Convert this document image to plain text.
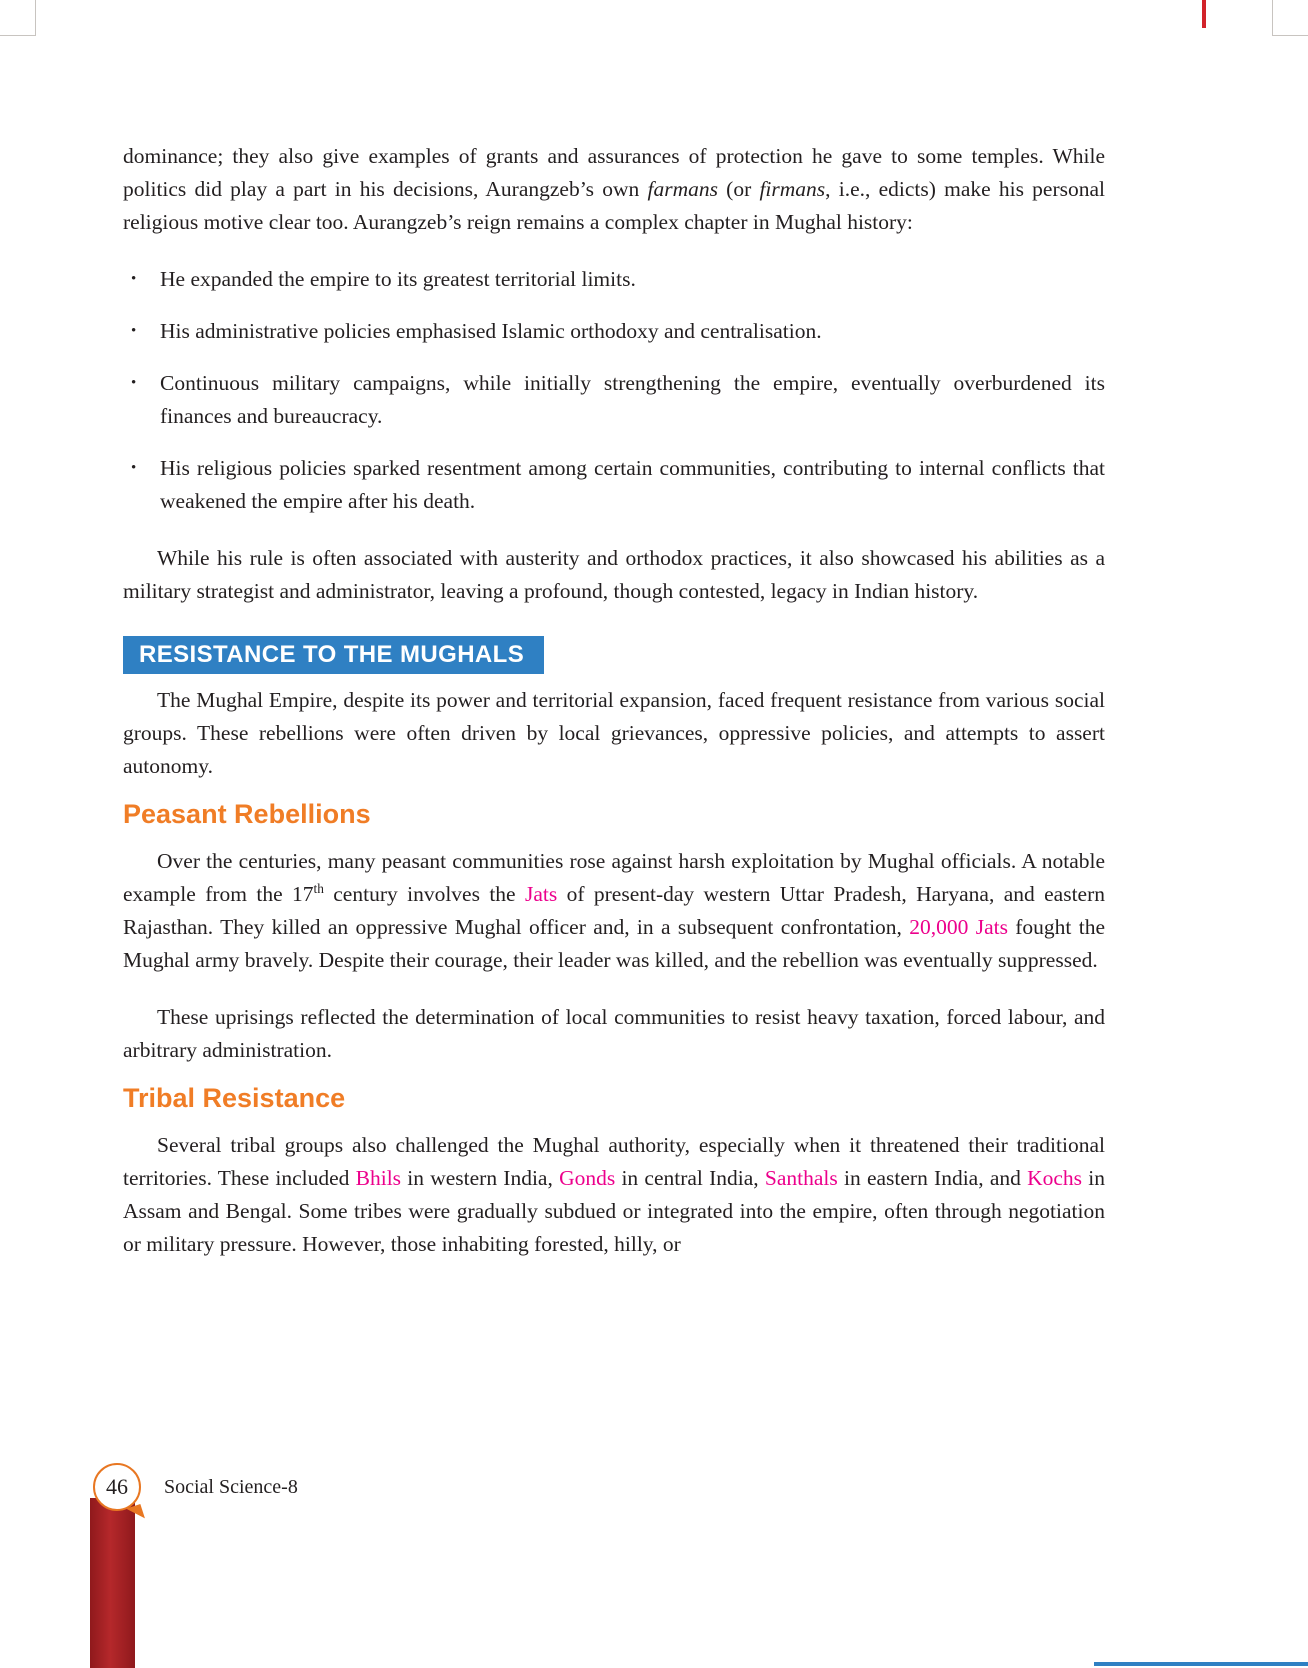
dominance; they also give examples of grants and assurances of protection he gave to some temples. While politics did play a part in his decisions, Aurangzeb’s own farmans (or firmans, i.e., edicts) make his personal religious motive clear too. Aurangzeb’s reign remains a complex chapter in Mughal history:

•	He expanded the empire to its greatest territorial limits.

•	His administrative policies emphasised Islamic orthodoxy and centralisation.

•	Continuous military campaigns, while initially strengthening the empire, eventually overburdened its finances and bureaucracy.

•	His religious policies sparked resentment among certain communities, contributing to internal conflicts that weakened the empire after his death.

While his rule is often associated with austerity and orthodox practices, it also showcased his abilities as a military strategist and administrator, leaving a profound, though contested, legacy in Indian history.

RESISTANCE TO THE MUGHALS

The Mughal Empire, despite its power and territorial expansion, faced frequent resistance from various social groups. These rebellions were often driven by local grievances, oppressive policies, and attempts to assert autonomy.

Peasant Rebellions

Over the centuries, many peasant communities rose against harsh exploitation by Mughal officials. A notable example from the 17th century involves the Jats of present-day western Uttar Pradesh, Haryana, and eastern Rajasthan. They killed an oppressive Mughal officer and, in a subsequent confrontation, 20,000 Jats fought the Mughal army bravely. Despite their courage, their leader was killed, and the rebellion was eventually suppressed.

These uprisings reflected the determination of local communities to resist heavy taxation, forced labour, and arbitrary administration.

Tribal Resistance

Several tribal groups also challenged the Mughal authority, especially when it threatened their traditional territories. These included Bhils in western India, Gonds in central India, Santhals in eastern India, and Kochs in Assam and Bengal. Some tribes were gradually subdued or integrated into the empire, often through negotiation or military pressure. However, those inhabiting forested, hilly, or

46 Social Science-8
